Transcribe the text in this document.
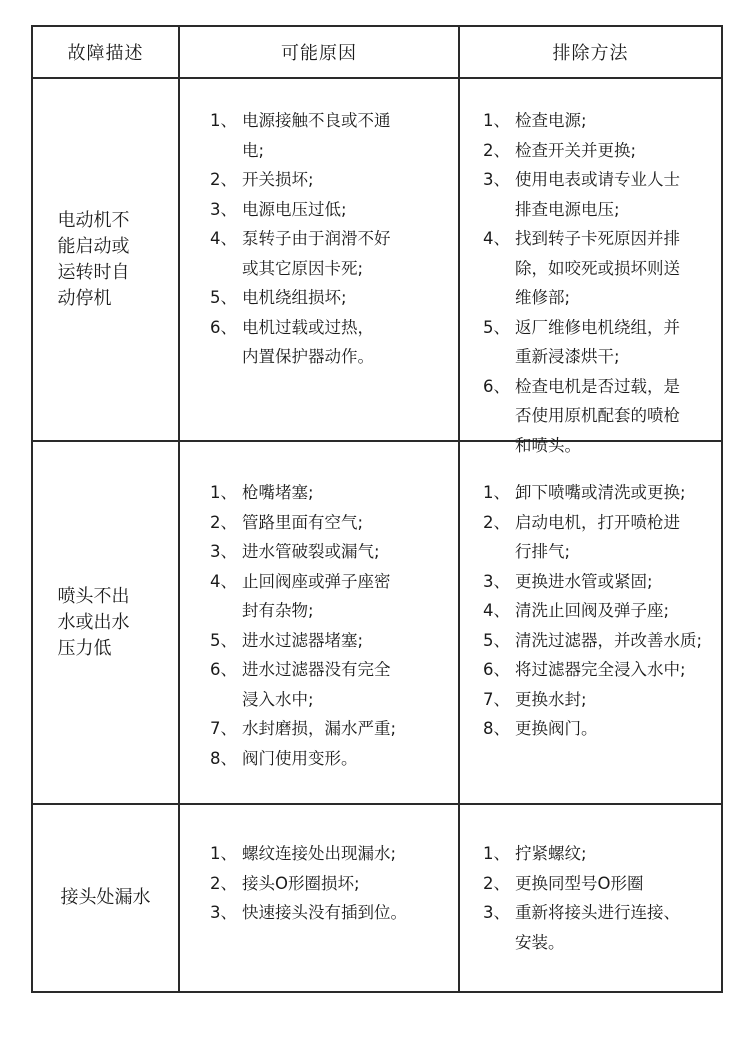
故障描述	可能原因	排除方法
电动机不
能启动或
运转时自
动停机
1、 电源接触不良或不通
电;
2、 开关损坏;
3、 电源电压过低;
4、 泵转子由于润滑不好
或其它原因卡死;
5、 电机绕组损坏;
6、 电机过载或过热，
内置保护器动作。
1、 检查电源;
2、 检查开关并更换;
3、 使用电表或请专业人士
排查电源电压;
4、 找到转子卡死原因并排
除，如咬死或损坏则送
维修部;
5、 返厂维修电机绕组，并
重新浸漆烘干;
6、 检查电机是否过载，是
否使用原机配套的喷枪
和喷头。
喷头不出
水或出水
压力低
1、 枪嘴堵塞;
2、 管路里面有空气;
3、 进水管破裂或漏气;
4、 止回阀座或弹子座密
封有杂物;
5、 进水过滤器堵塞;
6、 进水过滤器没有完全
浸入水中;
7、 水封磨损，漏水严重;
8、 阀门使用变形。
1、 卸下喷嘴或清洗或更换;
2、 启动电机，打开喷枪进
行排气;
3、 更换进水管或紧固;
4、 清洗止回阀及弹子座;
5、 清洗过滤器，并改善水质;
6、 将过滤器完全浸入水中;
7、 更换水封;
8、 更换阀门。
接头处漏水
1、 螺纹连接处出现漏水;
2、 接头O形圈损坏;
3、 快速接头没有插到位。
1、 拧紧螺纹;
2、 更换同型号O形圈
3、 重新将接头进行连接、
安装。
